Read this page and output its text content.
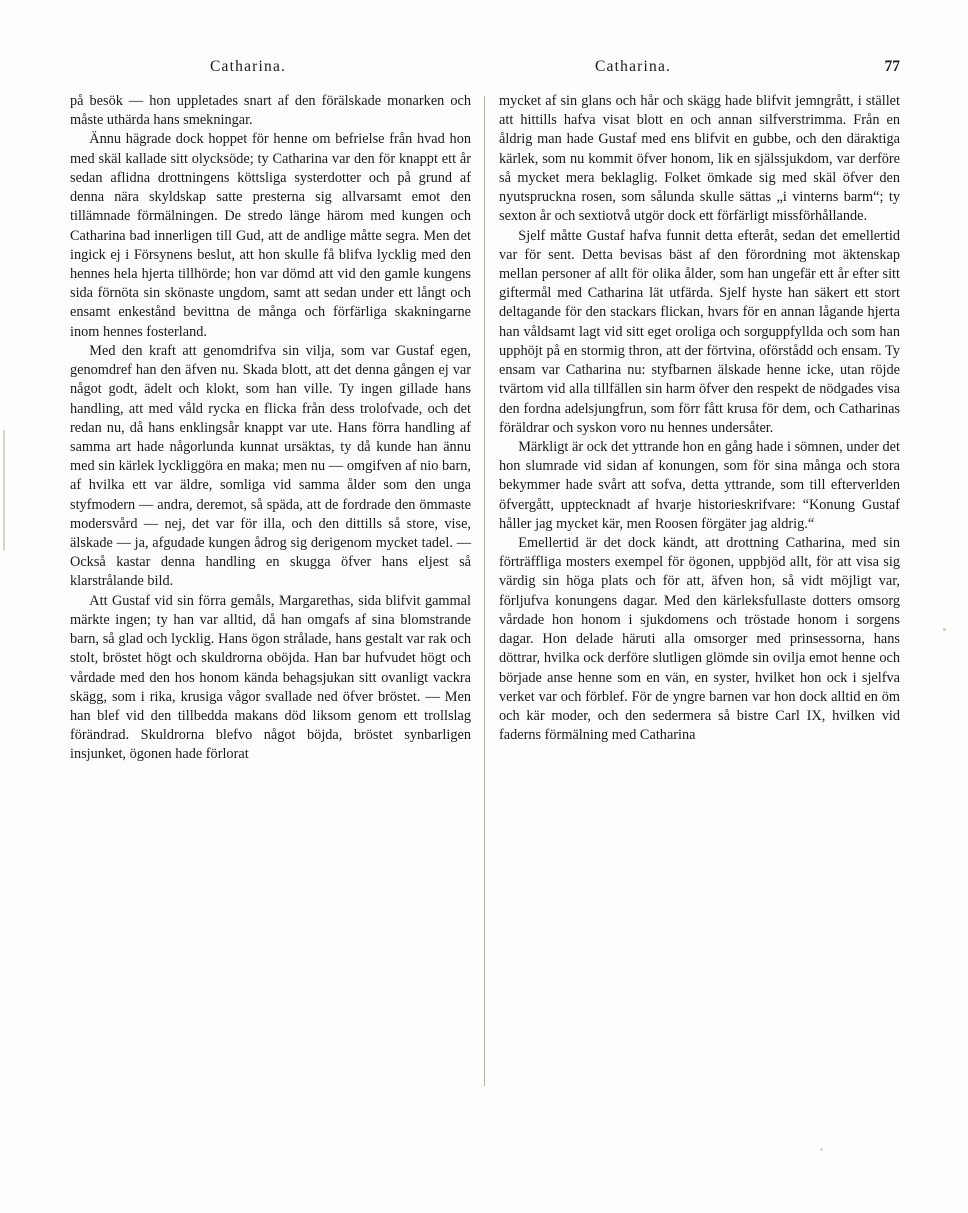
Catharina.	Catharina.	77

på besök — hon uppletades snart af den förälskade monarken och måste uthärda hans smekningar.

Ännu hägrade dock hoppet för henne om befrielse från hvad hon med skäl kallade sitt olycksöde; ty Catharina var den för knappt ett år sedan aflidna drottningens köttsliga systerdotter och på grund af denna nära skyldskap satte presterna sig allvarsamt emot den tillämnade förmälningen. De stredo länge härom med kungen och Catharina bad innerligen till Gud, att de andlige måtte segra. Men det ingick ej i Försynens beslut, att hon skulle få blifva lycklig med den hennes hela hjerta tillhörde; hon var dömd att vid den gamle kungens sida förnöta sin skönaste ungdom, samt att sedan under ett långt och ensamt enkestånd bevittna de många och förfärliga skakningarne inom hennes fosterland.

Med den kraft att genomdrifva sin vilja, som var Gustaf egen, genomdref han den äfven nu. Skada blott, att det denna gången ej var något godt, ädelt och klokt, som han ville. Ty ingen gillade hans handling, att med våld rycka en flicka från dess trolofvade, och det redan nu, då hans enklingsår knappt var ute. Hans förra handling af samma art hade någorlunda kunnat ursäktas, ty då kunde han ännu med sin kärlek lyckliggöra en maka; men nu — omgifven af nio barn, af hvilka ett var äldre, somliga vid samma ålder som den unga styfmodern — andra, deremot, så späda, att de fordrade den ömmaste modersvård — nej, det var för illa, och den dittills så store, vise, älskade — ja, afgudade kungen ådrog sig derigenom mycket tadel. — Också kastar denna handling en skugga öfver hans eljest så klarstrålande bild.

Att Gustaf vid sin förra gemåls, Margarethas, sida blifvit gammal märkte ingen; ty han var alltid, då han omgafs af sina blomstrande barn, så glad och lycklig. Hans ögon strålade, hans gestalt var rak och stolt, bröstet högt och skuldrorna oböjda. Han bar hufvudet högt och vårdade med den hos honom kända behagsjukan sitt ovanligt vackra skägg, som i rika, krusiga vågor svallade ned öfver bröstet. — Men han blef vid den tillbedda makans död liksom genom ett trollslag förändrad. Skuldrorna blefvo något böjda, bröstet synbarligen insjunket, ögonen hade förlorat

mycket af sin glans och hår och skägg hade blifvit jemngrått, i stället att hittills hafva visat blott en och annan silfverstrimma. Från en åldrig man hade Gustaf med ens blifvit en gubbe, och den däraktiga kärlek, som nu kommit öfver honom, lik en själssjukdom, var derföre så mycket mera beklaglig. Folket ömkade sig med skäl öfver den nyutspruckna rosen, som sålunda skulle sättas „i vinterns barm“; ty sexton år och sextiotvå utgör dock ett förfärligt missförhållande.

Sjelf måtte Gustaf hafva funnit detta efteråt, sedan det emellertid var för sent. Detta bevisas bäst af den förordning mot äktenskap mellan personer af allt för olika ålder, som han ungefär ett år efter sitt giftermål med Catharina lät utfärda. Sjelf hyste han säkert ett stort deltagande för den stackars flickan, hvars för en annan lågande hjerta han våldsamt lagt vid sitt eget oroliga och sorguppfyllda och som han upphöjt på en stormig thron, att der förtvina, oförstådd och ensam. Ty ensam var Catharina nu: styfbarnen älskade henne icke, utan röjde tvärtom vid alla tillfällen sin harm öfver den respekt de nödgades visa den fordna adelsjungfrun, som förr fått krusa för dem, och Catharinas föräldrar och syskon voro nu hennes undersåter.

Märkligt är ock det yttrande hon en gång hade i sömnen, under det hon slumrade vid sidan af konungen, som för sina många och stora bekymmer hade svårt att sofva, detta yttrande, som till efterverlden öfvergått, upptecknadt af hvarje historieskrifvare: “Konung Gustaf håller jag mycket kär, men Roosen förgäter jag aldrig.“

Emellertid är det dock kändt, att drottning Catharina, med sin förträffliga mosters exempel för ögonen, uppbjöd allt, för att visa sig värdig sin höga plats och för att, äfven hon, så vidt möjligt var, förljufva konungens dagar. Med den kärleksfullaste dotters omsorg vårdade hon honom i sjukdomens och tröstade honom i sorgens dagar. Hon delade häruti alla omsorger med prinsessorna, hans döttrar, hvilka ock derföre slutligen glömde sin ovilja emot henne och började anse henne som en vän, en syster, hvilket hon ock i sjelfva verket var och förblef. För de yngre barnen var hon dock alltid en öm och kär moder, och den sedermera så bistre Carl IX, hvilken vid faderns förmälning med Catharina
